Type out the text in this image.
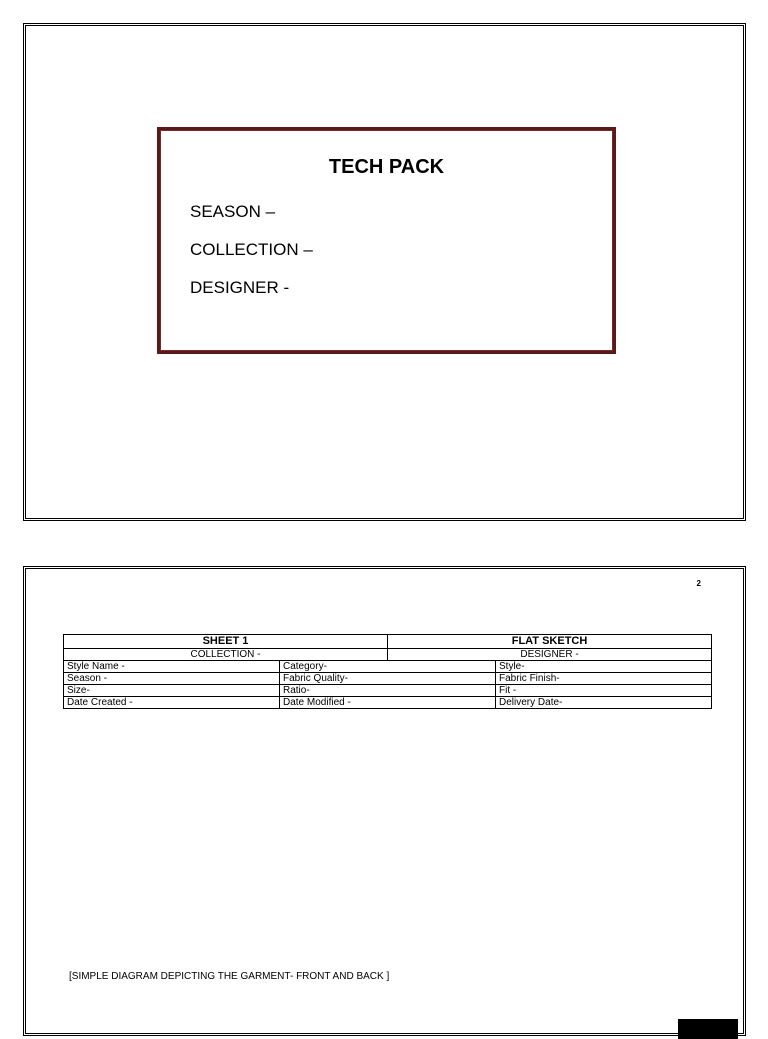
TECH PACK
SEASON –
COLLECTION –
DESIGNER -
2
SHEET 1		FLAT SKETCH	
COLLECTION -		DESIGNER -	
Style Name -	Category-		Style-
Season -	Fabric Quality-		Fabric Finish-
Size-	Ratio-		Fit -
Date Created -	Date Modified -		Delivery Date-
[SIMPLE DIAGRAM DEPICTING THE GARMENT- FRONT AND BACK ]
